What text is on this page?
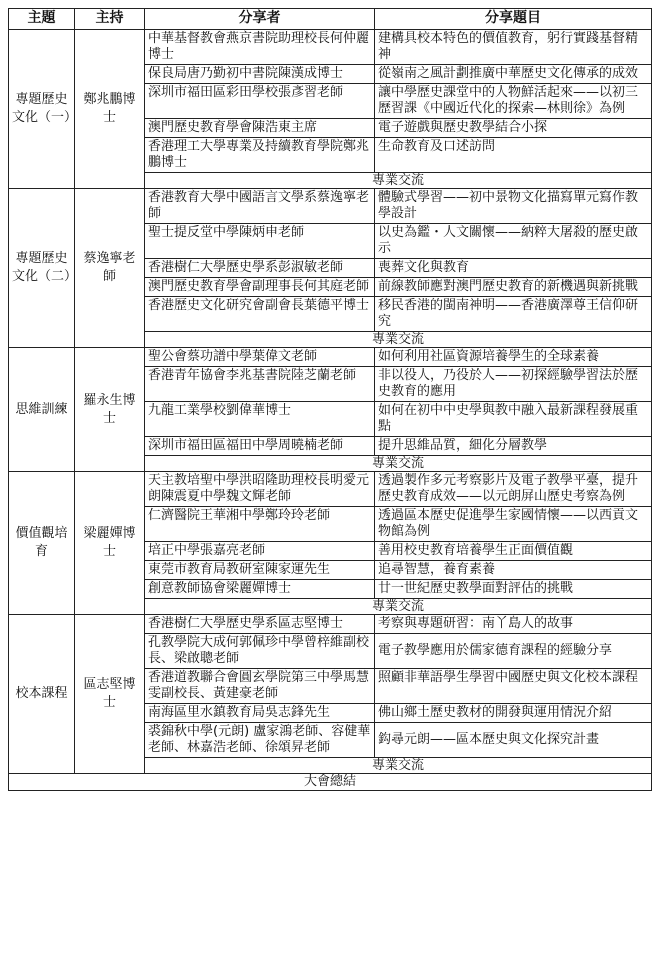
主題	主持	分享者	分享題目
專題歷史文化（一）	鄭兆鵬博士	中華基督教會燕京書院助理校長何仲麗博士	建構具校本特色的價值教育，躬行實踐基督精神
		保良局唐乃勤初中書院陳漢成博士	從嶺南之風計劃推廣中華歷史文化傳承的成效
		深圳市福田區彩田學校張彥習老師	讓中學歷史課堂中的人物鮮活起來——以初三歷習課《中國近代化的探索—林則徐》為例
		澳門歷史教育學會陳浩東主席	電子遊戲與歷史教學結合小探
		香港理工大學專業及持續教育學院鄭兆鵬博士	生命教育及口述訪問
		專業交流	
專題歷史文化（二）	蔡逸寧老師	香港教育大學中國語言文學系蔡逸寧老師	體驗式學習——初中景物文化描寫單元寫作教學設計
		聖士提反堂中學陳炳申老師	以史為鑑・人文關懷——納粹大屠殺的歷史啟示
		香港樹仁大學歷史學系彭淑敏老師	喪葬文化與教育
		澳門歷史教育學會副理事長何其庭老師	前線教師應對澳門歷史教育的新機遇與新挑戰
		香港歷史文化研究會副會長葉德平博士	移民香港的閩南神明——香港廣澤尊王信仰研究
		專業交流	
思維訓練	羅永生博士	聖公會蔡功譜中學葉偉文老師	如何利用社區資源培養學生的全球素養
		香港青年協會李兆基書院陸芝蘭老師	非以役人，乃役於人——初探經驗學習法於歷史教育的應用
		九龍工業學校劉偉華博士	如何在初中中史學與教中融入最新課程發展重點
		深圳市福田區福田中學周曉楠老師	提升思維品質，細化分層教學
		專業交流	
價值觀培育	梁麗嬋博士	天主教培聖中學洪昭隆助理校長明愛元朗陳震夏中學魏文輝老師	透過製作多元考察影片及電子教學平臺，提升歷史教育成效——以元朗屏山歷史考察為例
		仁濟醫院王華湘中學鄭玲玲老師	透過區本歷史促進學生家國情懷——以西貢文物館為例
		培正中學張嘉亮老師	善用校史教育培養學生正面價值觀
		東莞市教育局教研室陳家運先生	追尋智慧，養育素養
		創意教師協會梁麗嬋博士	廿一世紀歷史教學面對評估的挑戰
		專業交流	
校本課程	區志堅博士	香港樹仁大學歷史學系區志堅博士	考察與專題研習：南丫島人的故事
		孔教學院大成何郭佩珍中學曾梓維副校長、梁啟聰老師	電子教學應用於儒家德育課程的經驗分享
		香港道教聯合會圓玄學院第三中學馬慧雯副校長、黃建豪老師	照顧非華語學生學習中國歷史與文化校本課程
		南海區里水鎮教育局吳志鋒先生	佛山鄉土歷史教材的開發與運用情況介紹
		裘錦秋中學(元朗) 盧家鴻老師、容健華老師、林嘉浩老師、徐頌昇老師	鈎尋元朗——區本歷史與文化探究計畫
		專業交流	
大會總結			
